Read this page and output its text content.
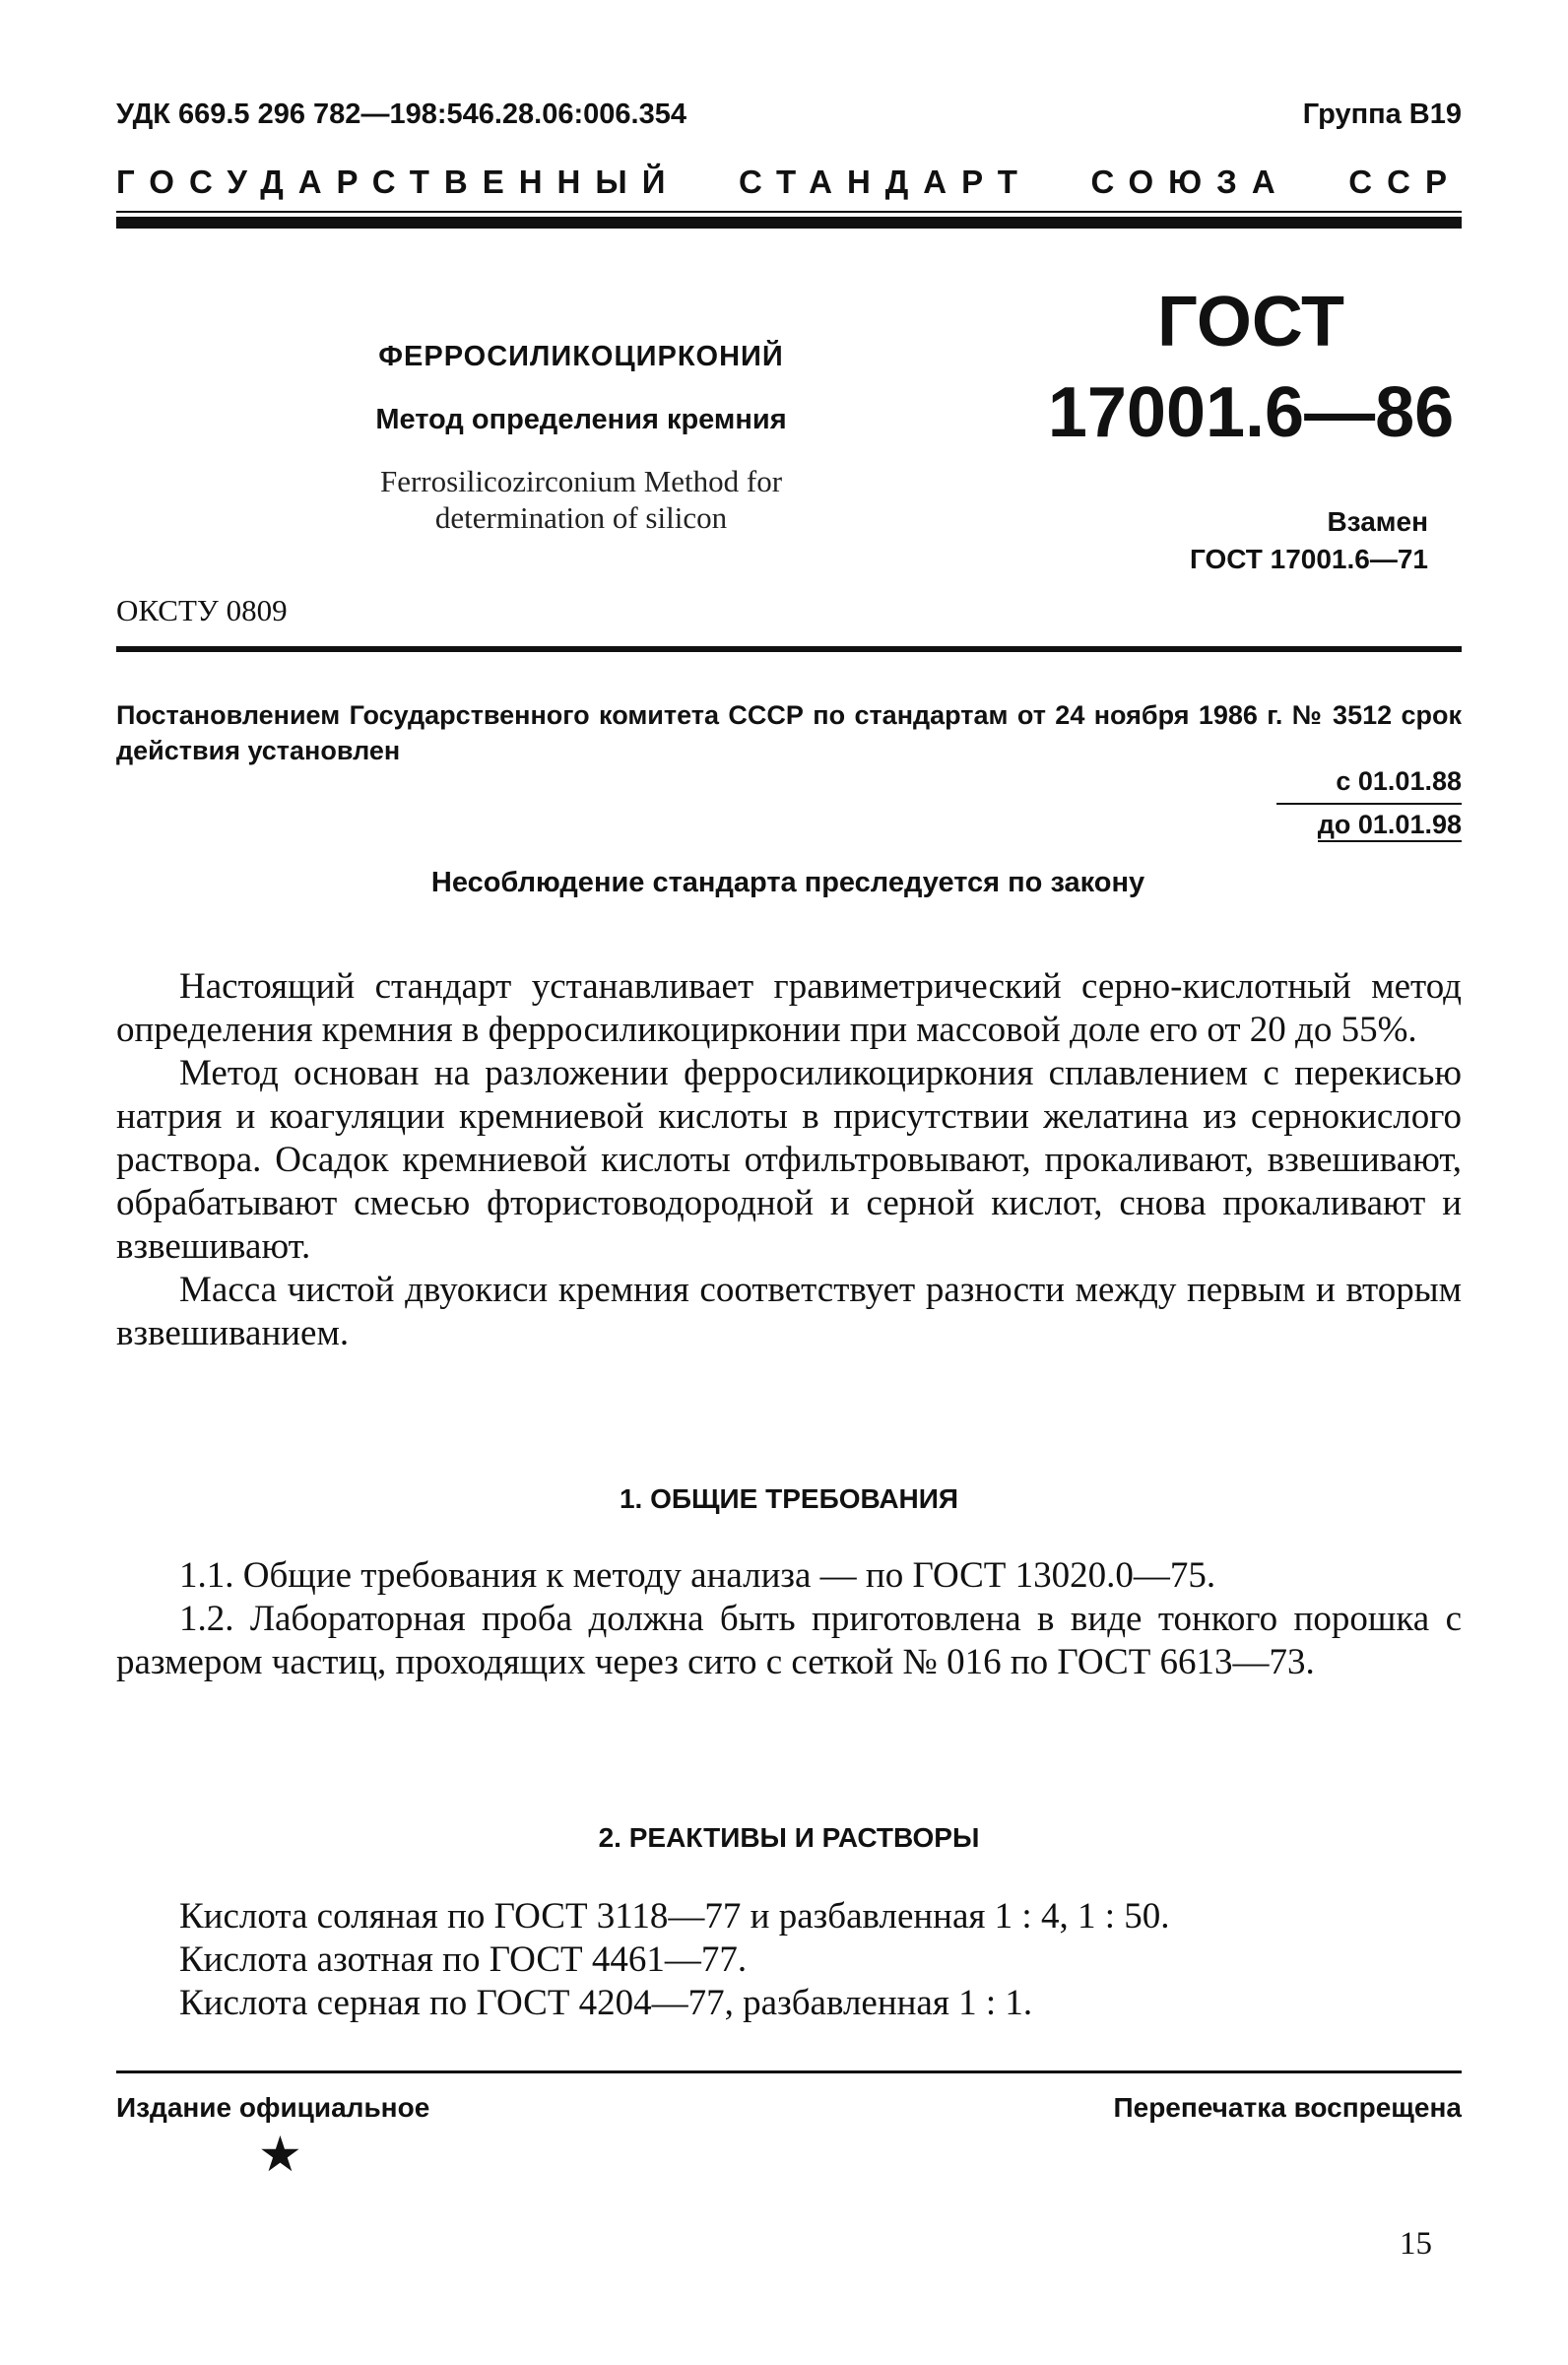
УДК 669.5 296 782—198:546.28.06:006.354	Группа В19
ГОСУДАРСТВЕННЫЙ СТАНДАРТ СОЮЗА ССР
ФЕРРОСИЛИКОЦИРКОНИЙ
Метод определения кремния
Ferrosilicozirconium Method for determination of silicon
ГОСТ
17001.6—86
Взамен
ГОСТ 17001.6—71
ОКСТУ 0809
Постановлением Государственного комитета СССР по стандартам от 24 ноября 1986 г. № 3512 срок действия установлен
с 01.01.88
до 01.01.98
Несоблюдение стандарта преследуется по закону

Настоящий стандарт устанавливает гравиметрический серно-кислотный метод определения кремния в ферросиликоцирконии при массовой доле его от 20 до 55%.

Метод основан на разложении ферросиликоциркония сплавлением с перекисью натрия и коагуляции кремниевой кислоты в присутствии желатина из сернокислого раствора. Осадок кремниевой кислоты отфильтровывают, прокаливают, взвешивают, обрабатывают смесью фтористоводородной и серной кислот, снова прокаливают и взвешивают.

Масса чистой двуокиси кремния соответствует разности между первым и вторым взвешиванием.

1. ОБЩИЕ ТРЕБОВАНИЯ

1.1. Общие требования к методу анализа — по ГОСТ 13020.0—75.

1.2. Лабораторная проба должна быть приготовлена в виде тонкого порошка с размером частиц, проходящих через сито с сеткой № 016 по ГОСТ 6613—73.

2. РЕАКТИВЫ И РАСТВОРЫ

Кислота соляная по ГОСТ 3118—77 и разбавленная 1 : 4, 1 : 50.

Кислота азотная по ГОСТ 4461—77.

Кислота серная по ГОСТ 4204—77, разбавленная 1 : 1.

Издание официальное	Перепечатка воспрещена
★
15
